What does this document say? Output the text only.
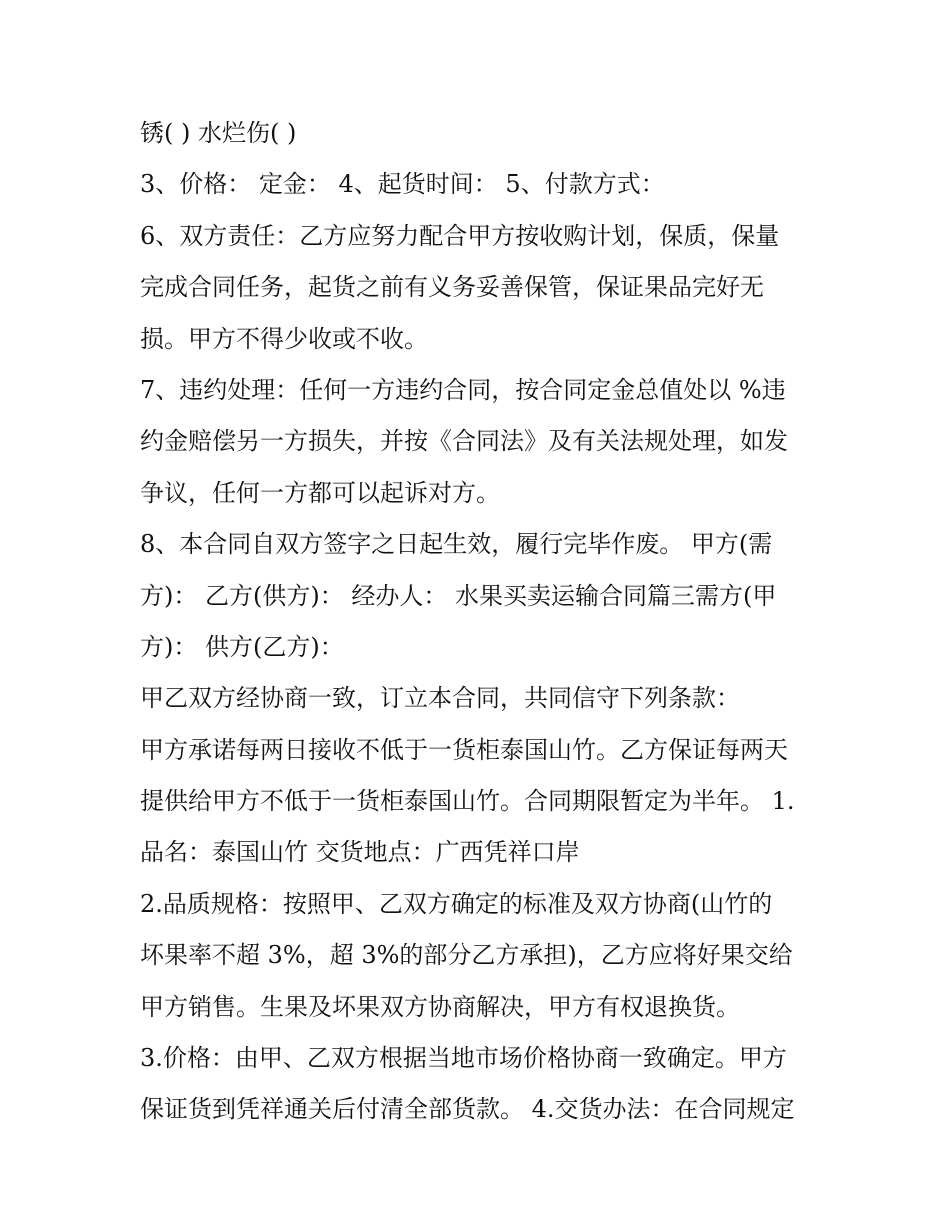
锈( ) 水烂伤( )
3、价格： 定金： 4、起货时间： 5、付款方式：
6、双方责任：乙方应努力配合甲方按收购计划，保质，保量
完成合同任务，起货之前有义务妥善保管，保证果品完好无
损。甲方不得少收或不收。
7、违约处理：任何一方违约合同，按合同定金总值处以 %违
约金赔偿另一方损失，并按《合同法》及有关法规处理，如发
争议，任何一方都可以起诉对方。
8、本合同自双方签字之日起生效，履行完毕作废。 甲方(需
方)： 乙方(供方)： 经办人： 水果买卖运输合同篇三需方(甲
方)： 供方(乙方)：
甲乙双方经协商一致，订立本合同，共同信守下列条款：
甲方承诺每两日接收不低于一货柜泰国山竹。乙方保证每两天
提供给甲方不低于一货柜泰国山竹。合同期限暂定为半年。 1.
品名：泰国山竹 交货地点：广西凭祥口岸
2.品质规格：按照甲、乙双方确定的标准及双方协商(山竹的
坏果率不超 3%，超 3%的部分乙方承担)，乙方应将好果交给
甲方销售。生果及坏果双方协商解决，甲方有权退换货。
3.价格：由甲、乙双方根据当地市场价格协商一致确定。甲方
保证货到凭祥通关后付清全部货款。 4.交货办法：在合同规定
